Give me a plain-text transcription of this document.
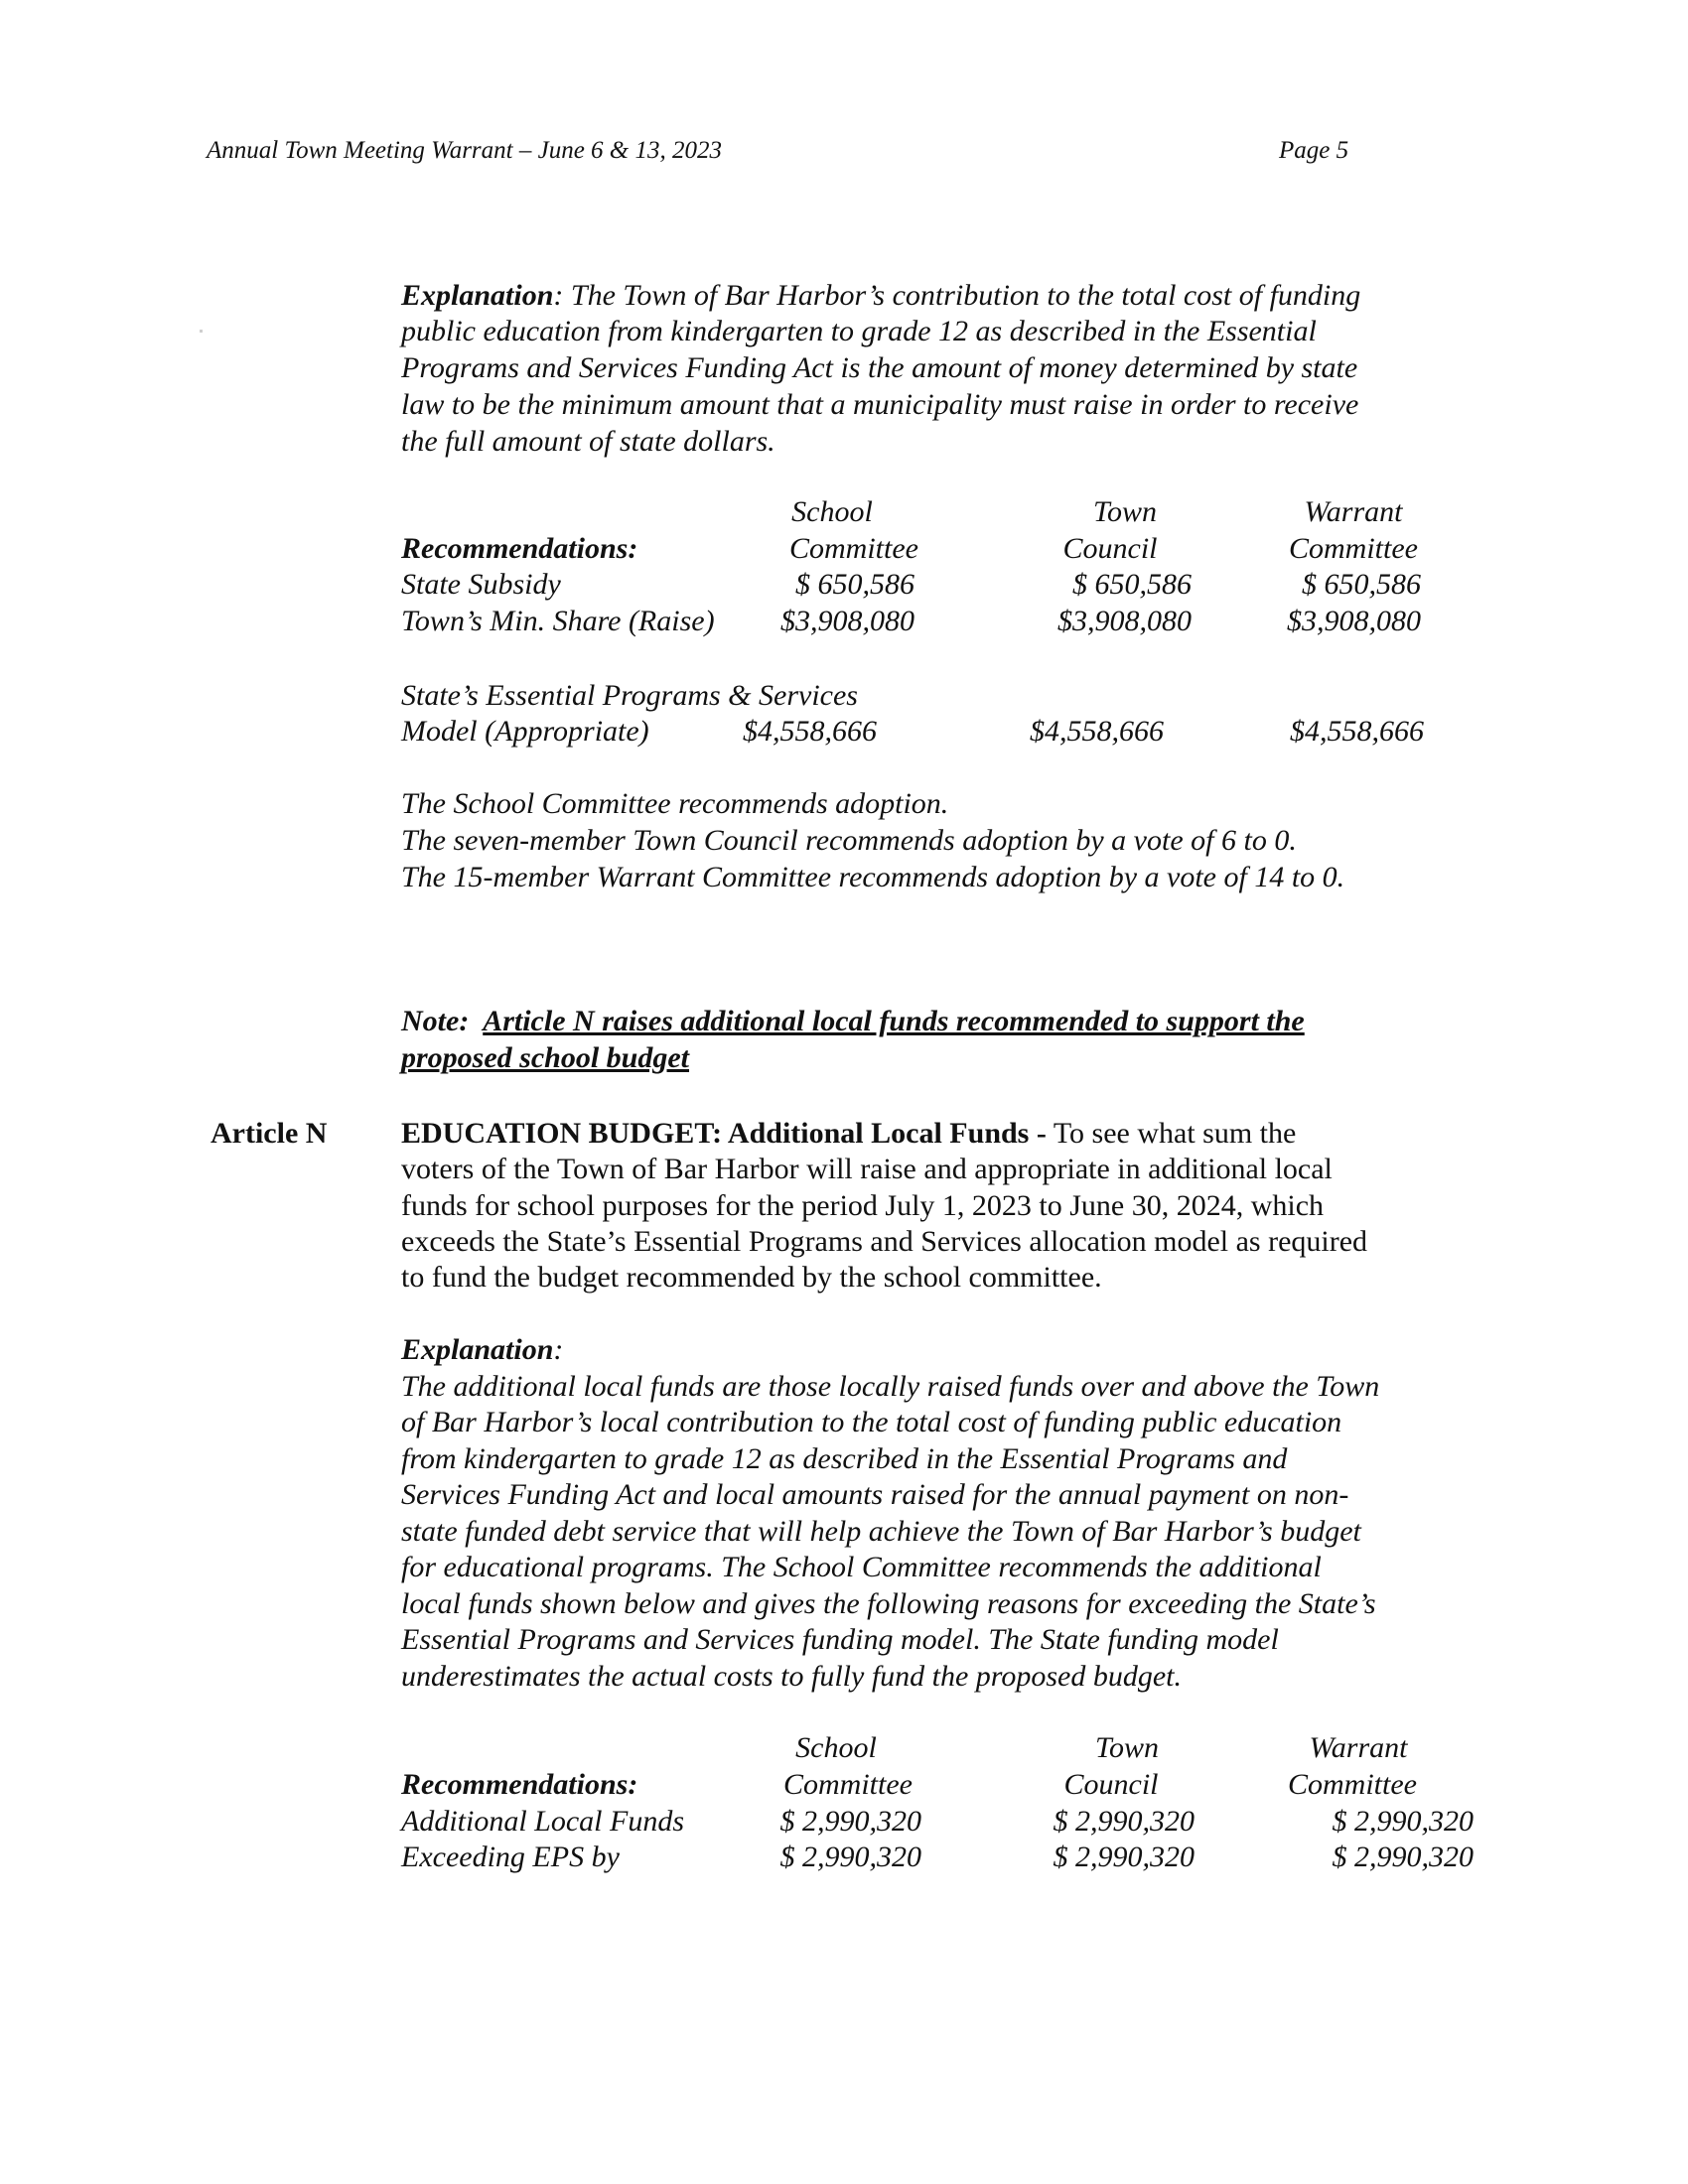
Annual Town Meeting Warrant – June 6 & 13, 2023	Page 5
Explanation: The Town of Bar Harbor’s contribution to the total cost of funding
public education from kindergarten to grade 12 as described in the Essential
Programs and Services Funding Act is the amount of money determined by state
law to be the minimum amount that a municipality must raise in order to receive
the full amount of state dollars.
School	Town	Warrant
Recommendations:	Committee	Council	Committee
State Subsidy	$ 650,586	$ 650,586	$ 650,586
Town’s Min. Share (Raise)	$3,908,080	$3,908,080	$3,908,080
State’s Essential Programs & Services
Model (Appropriate)	$4,558,666	$4,558,666	$4,558,666
The School Committee recommends adoption.
The seven-member Town Council recommends adoption by a vote of 6 to 0.
The 15-member Warrant Committee recommends adoption by a vote of 14 to 0.
Note: Article N raises additional local funds recommended to support the
proposed school budget
Article N EDUCATION BUDGET: Additional Local Funds - To see what sum the
voters of the Town of Bar Harbor will raise and appropriate in additional local
funds for school purposes for the period July 1, 2023 to June 30, 2024, which
exceeds the State’s Essential Programs and Services allocation model as required
to fund the budget recommended by the school committee.
Explanation:
The additional local funds are those locally raised funds over and above the Town
of Bar Harbor’s local contribution to the total cost of funding public education
from kindergarten to grade 12 as described in the Essential Programs and
Services Funding Act and local amounts raised for the annual payment on non-
state funded debt service that will help achieve the Town of Bar Harbor’s budget
for educational programs. The School Committee recommends the additional
local funds shown below and gives the following reasons for exceeding the State’s
Essential Programs and Services funding model. The State funding model
underestimates the actual costs to fully fund the proposed budget.
School	Town	Warrant
Recommendations:	Committee	Council	Committee
Additional Local Funds	$ 2,990,320	$ 2,990,320	$ 2,990,320
Exceeding EPS by	$ 2,990,320	$ 2,990,320	$ 2,990,320
